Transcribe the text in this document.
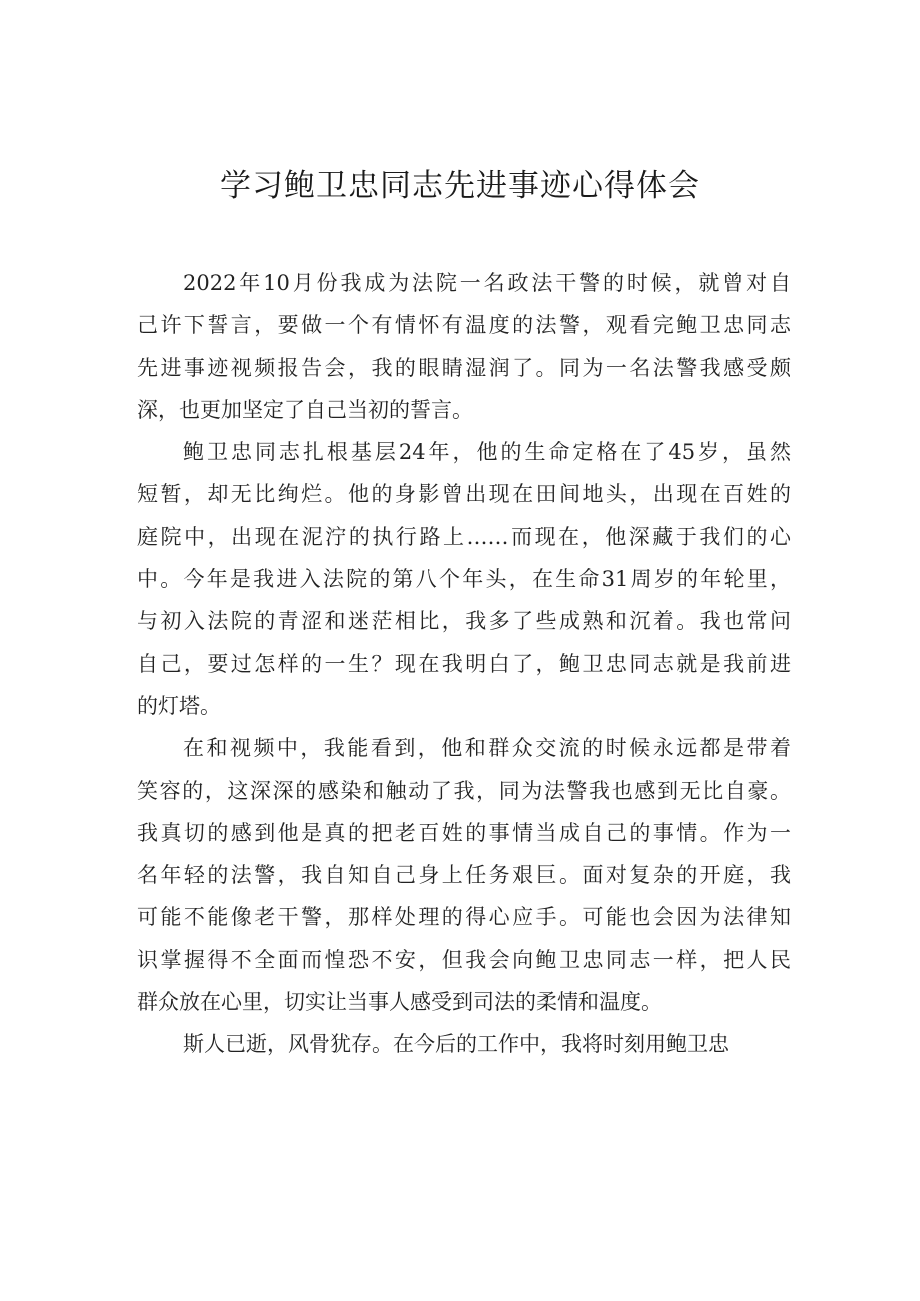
学习鲍卫忠同志先进事迹心得体会
2022年10月份我成为法院一名政法干警的时候，就曾对自
己许下誓言，要做一个有情怀有温度的法警，观看完鲍卫忠同志
先进事迹视频报告会，我的眼睛湿润了。同为一名法警我感受颇
深，也更加坚定了自己当初的誓言。
鲍卫忠同志扎根基层24年，他的生命定格在了45岁，虽然
短暂，却无比绚烂。他的身影曾出现在田间地头，出现在百姓的
庭院中，出现在泥泞的执行路上……而现在，他深藏于我们的心
中。今年是我进入法院的第八个年头，在生命31周岁的年轮里，
与初入法院的青涩和迷茫相比，我多了些成熟和沉着。我也常问
自己，要过怎样的一生？现在我明白了，鲍卫忠同志就是我前进
的灯塔。
在和视频中，我能看到，他和群众交流的时候永远都是带着
笑容的，这深深的感染和触动了我，同为法警我也感到无比自豪。
我真切的感到他是真的把老百姓的事情当成自己的事情。作为一
名年轻的法警，我自知自己身上任务艰巨。面对复杂的开庭，我
可能不能像老干警，那样处理的得心应手。可能也会因为法律知
识掌握得不全面而惶恐不安，但我会向鲍卫忠同志一样，把人民
群众放在心里，切实让当事人感受到司法的柔情和温度。
斯人已逝，风骨犹存。在今后的工作中，我将时刻用鲍卫忠
